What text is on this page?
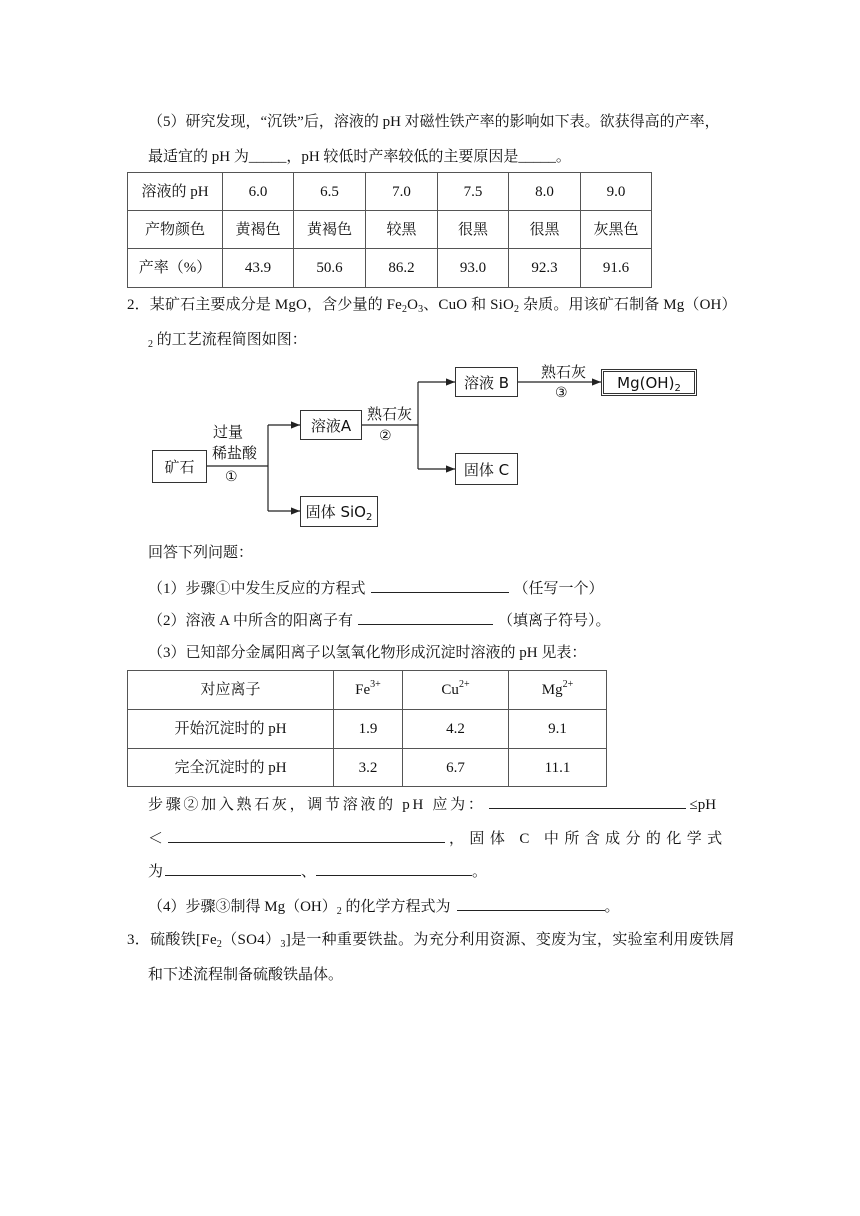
（5）研究发现，“沉铁”后，溶液的 pH 对磁性铁产率的影响如下表。欲获得高的产率，
最适宜的 pH 为_____，pH 较低时产率较低的主要原因是_____。
溶液的 pH	6.0	6.5	7.0	7.5	8.0	9.0
产物颜色	黄褐色	黄褐色	较黑	很黑	很黑	灰黑色
产率（%）	43.9	50.6	86.2	93.0	92.3	91.6
2．某矿石主要成分是 MgO，含少量的 $Fe_2O_3$、CuO 和 SiO$_2$ 杂质。用该矿石制备 Mg（OH）
$_2$ 的工艺流程简图如图：
矿石
溶液A
固体 SiO$_2$
溶液 B
固体 C
$Mg(OH)_2$
过量
稀盐酸
①
熟石灰
②
熟石灰
③
回答下列问题：
（1）步骤①中发生反应的方程式	（任写一个）
（2）溶液 A 中所含的阳离子有	（填离子符号）。
（3）已知部分金属阳离子以氢氧化物形成沉淀时溶液的 pH 见表：
对应离子	$Fe^{3+}$	$Cu^{2+}$	$Mg^{2+}$
开始沉淀时的 pH	1.9	4.2	9.1
完全沉淀时的 pH	3.2	6.7	11.1
步骤②加入熟石灰，调节溶液的 pH 应为：	≤pH
＜	，固体 C 中所含成分的化学式
为	、	。
（4）步骤③制得 $Mg(OH)_2$ 的化学方程式为	。
3．硫酸铁$[Fe_2(SO4)_3]$是一种重要铁盐。为充分利用资源、变废为宝，实验室利用废铁屑
和下述流程制备硫酸铁晶体。
